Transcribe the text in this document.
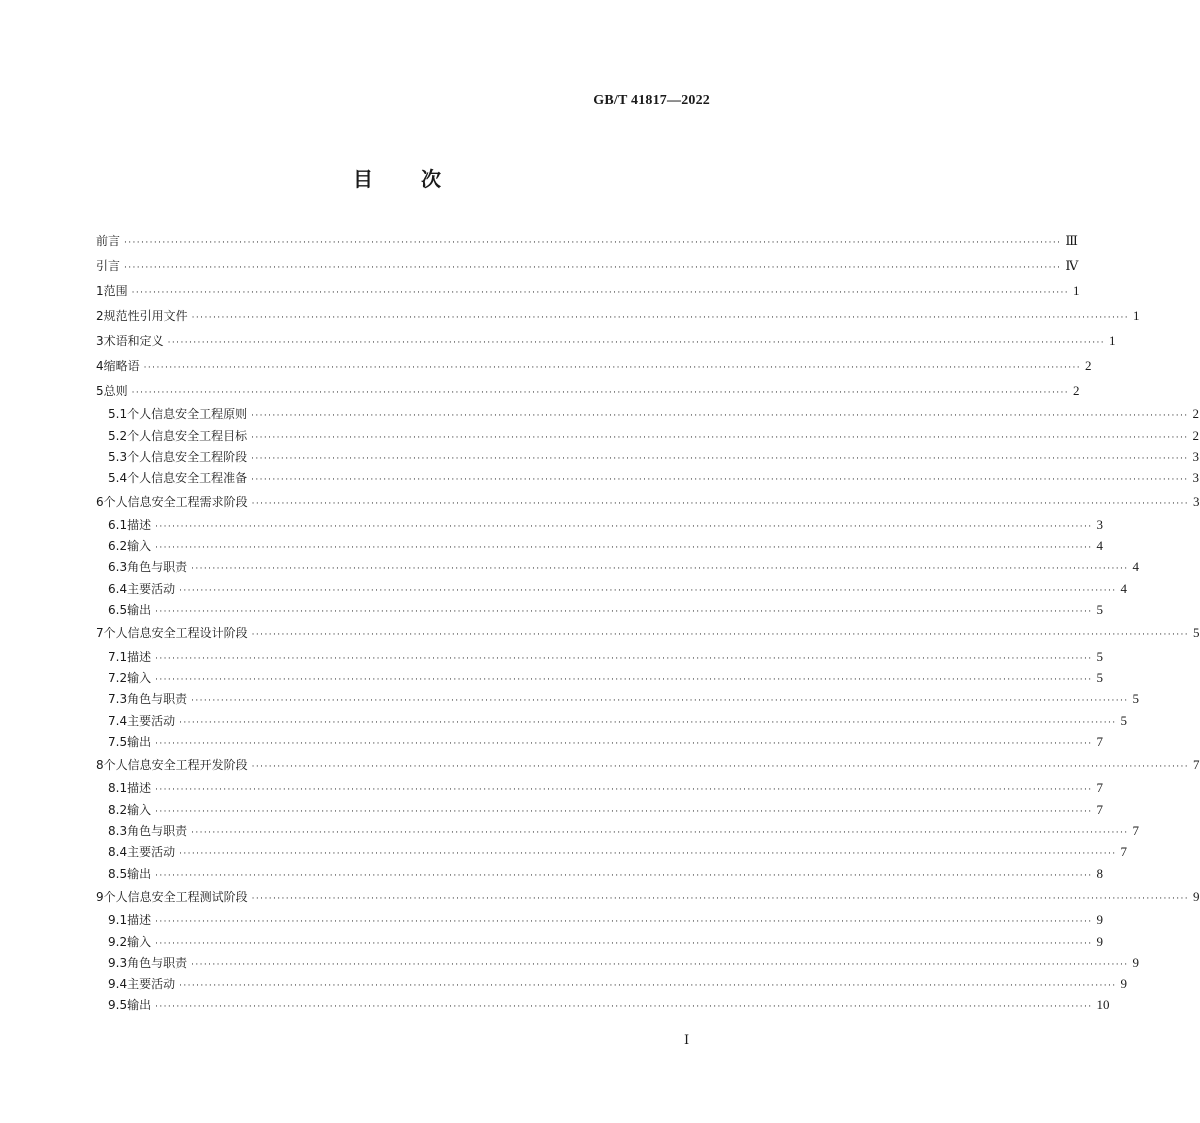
GB/T 41817—2022
目 次
前言 ···························································································································································································································· Ⅲ
引言 ···························································································································································································································· Ⅳ
1 范围 ···························································································································································································································· 1
2 规范性引用文件 ···························································································································································································································· 1
3 术语和定义 ···························································································································································································································· 1
4 缩略语 ···························································································································································································································· 2
5 总则 ···························································································································································································································· 2
5.1 个人信息安全工程原则 ···························································································································································································································· 2
5.2 个人信息安全工程目标 ···························································································································································································································· 2
5.3 个人信息安全工程阶段 ···························································································································································································································· 3
5.4 个人信息安全工程准备 ···························································································································································································································· 3
6 个人信息安全工程需求阶段 ···························································································································································································································· 3
6.1 描述 ···························································································································································································································· 3
6.2 输入 ···························································································································································································································· 4
6.3 角色与职责 ···························································································································································································································· 4
6.4 主要活动 ···························································································································································································································· 4
6.5 输出 ···························································································································································································································· 5
7 个人信息安全工程设计阶段 ···························································································································································································································· 5
7.1 描述 ···························································································································································································································· 5
7.2 输入 ···························································································································································································································· 5
7.3 角色与职责 ···························································································································································································································· 5
7.4 主要活动 ···························································································································································································································· 5
7.5 输出 ···························································································································································································································· 7
8 个人信息安全工程开发阶段 ···························································································································································································································· 7
8.1 描述 ···························································································································································································································· 7
8.2 输入 ···························································································································································································································· 7
8.3 角色与职责 ···························································································································································································································· 7
8.4 主要活动 ···························································································································································································································· 7
8.5 输出 ···························································································································································································································· 8
9 个人信息安全工程测试阶段 ···························································································································································································································· 9
9.1 描述 ···························································································································································································································· 9
9.2 输入 ···························································································································································································································· 9
9.3 角色与职责 ···························································································································································································································· 9
9.4 主要活动 ···························································································································································································································· 9
9.5 输出 ···························································································································································································································· 10
Ⅰ
